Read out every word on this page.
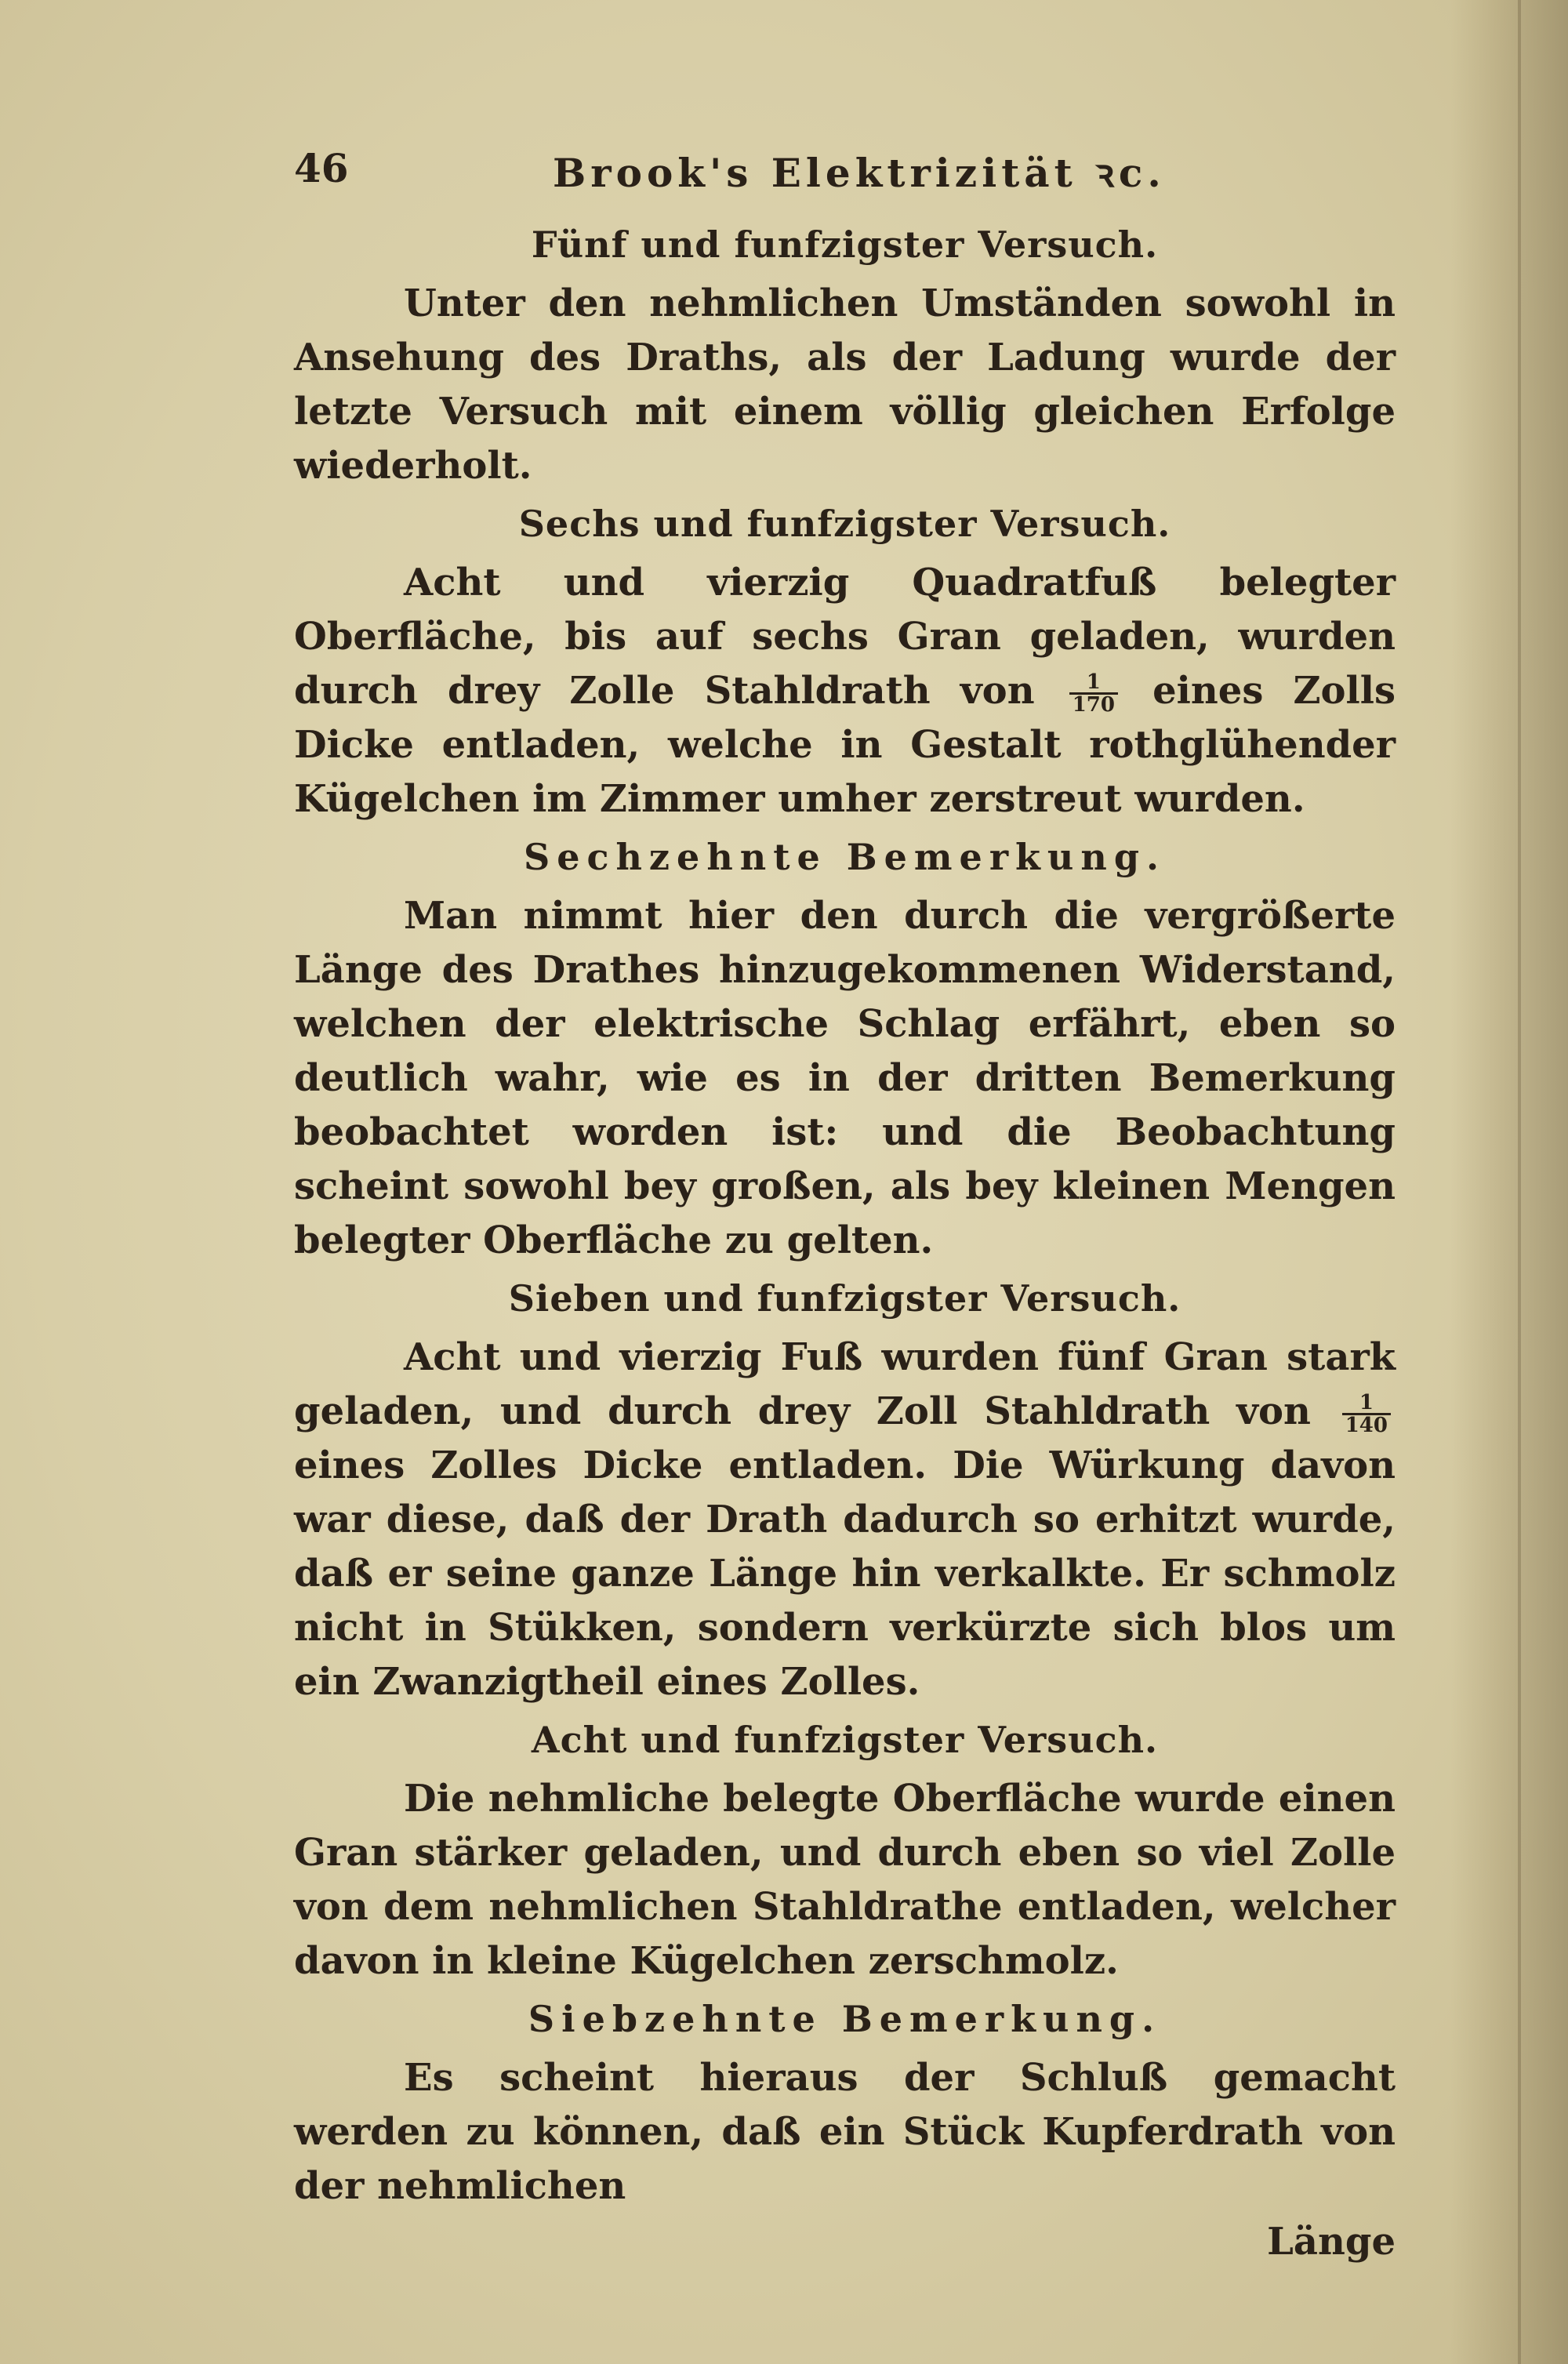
46	Brook's Elektrizität ꝛc.
Fünf und funfzigster Versuch.

Unter den nehmlichen Umständen sowohl in Ansehung des Draths, als der Ladung wurde der letzte Versuch mit einem völlig gleichen Erfolge wiederholt.

Sechs und funfzigster Versuch.

Acht und vierzig Quadratfuß belegter Oberfläche, bis auf sechs Gran geladen, wurden durch drey Zolle Stahldrath von $\frac{1}{170}$ eines Zolls Dicke entladen, welche in Gestalt rothglühender Kügelchen im Zimmer umher zerstreut wurden.

Sechzehnte Bemerkung.

Man nimmt hier den durch die vergrößerte Länge des Drathes hinzugekommenen Widerstand, welchen der elektrische Schlag erfährt, eben so deutlich wahr, wie es in der dritten Bemerkung beobachtet worden ist: und die Beobachtung scheint sowohl bey großen, als bey kleinen Mengen belegter Oberfläche zu gelten.

Sieben und funfzigster Versuch.

Acht und vierzig Fuß wurden fünf Gran stark geladen, und durch drey Zoll Stahldrath von $\frac{1}{140}$
eines Zolles Dicke entladen. Die Würkung davon war diese, daß der Drath dadurch so erhitzt wurde, daß er seine ganze Länge hin verkalkte. Er schmolz nicht in Stükken, sondern verkürzte sich blos um ein Zwanzigtheil eines Zolles.

Acht und funfzigster Versuch.

Die nehmliche belegte Oberfläche wurde einen Gran stärker geladen, und durch eben so viel Zolle von dem nehmlichen Stahldrathe entladen, welcher davon in kleine Kügelchen zerschmolz.

Siebzehnte Bemerkung.

Es scheint hieraus der Schluß gemacht werden zu können, daß ein Stück Kupferdrath von der nehmlichen

Länge
